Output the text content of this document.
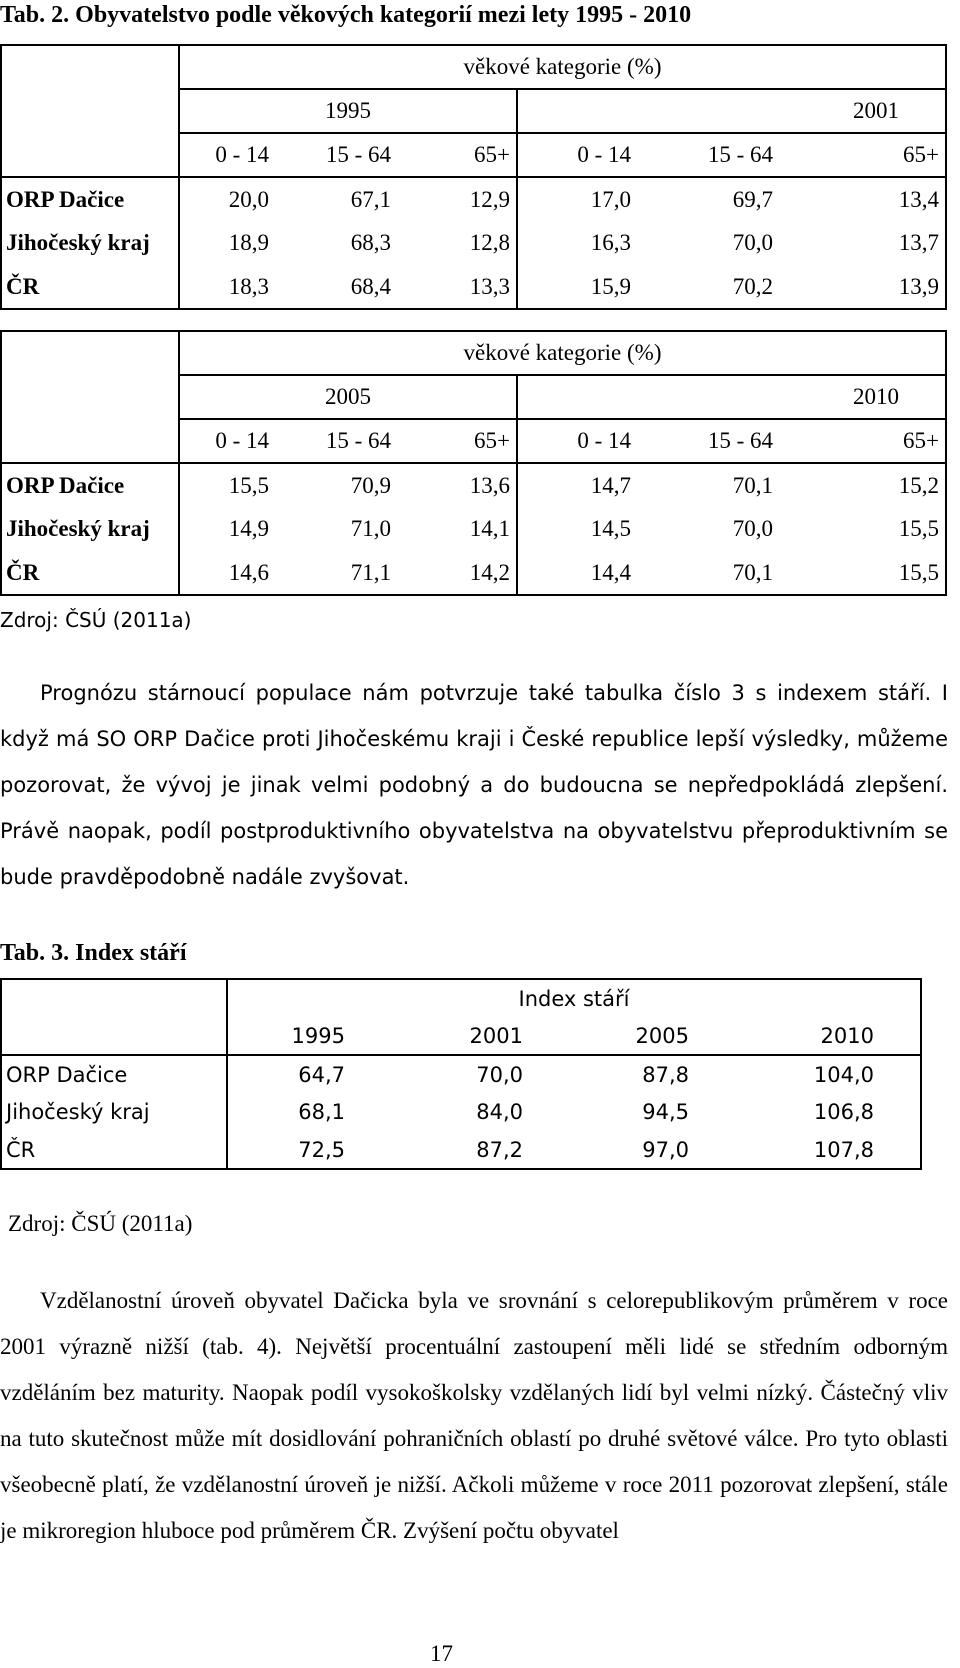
Tab. 2. Obyvatelstvo podle věkových kategorií mezi lety 1995 - 2010
	věkové kategorie (%)					
	1995			2001		
	0 - 14	15 - 64	65+	0 - 14	15 - 64	65+
ORP Dačice	20,0	67,1	12,9	17,0	69,7	13,4
Jihočeský kraj	18,9	68,3	12,8	16,3	70,0	13,7
ČR	18,3	68,4	13,3	15,9	70,2	13,9
	věkové kategorie (%)					
	2005			2010		
	0 - 14	15 - 64	65+	0 - 14	15 - 64	65+
ORP Dačice	15,5	70,9	13,6	14,7	70,1	15,2
Jihočeský kraj	14,9	71,0	14,1	14,5	70,0	15,5
ČR	14,6	71,1	14,2	14,4	70,1	15,5
Zdroj: ČSÚ (2011a)

Prognózu stárnoucí populace nám potvrzuje také tabulka číslo 3 s indexem stáří. I když má SO ORP Dačice proti Jihočeskému kraji i České republice lepší výsledky, můžeme pozorovat, že vývoj je jinak velmi podobný a do budoucna se nepředpokládá zlepšení. Právě naopak, podíl postproduktivního obyvatelstva na obyvatelstvu přeproduktivním se bude pravděpodobně nadále zvyšovat.

Tab. 3. Index stáří
	Index stáří			
	1995	2001	2005	2010
ORP Dačice	64,7	70,0	87,8	104,0
Jihočeský kraj	68,1	84,0	94,5	106,8
ČR	72,5	87,2	97,0	107,8
Zdroj: ČSÚ (2011a)

Vzdělanostní úroveň obyvatel Dačicka byla ve srovnání s celorepublikovým průměrem v roce 2001 výrazně nižší (tab. 4). Největší procentuální zastoupení měli lidé se středním odborným vzděláním bez maturity. Naopak podíl vysokoškolsky vzdělaných lidí byl velmi nízký. Částečný vliv na tuto skutečnost může mít dosidlování pohraničních oblastí po druhé světové válce. Pro tyto oblasti všeobecně platí, že vzdělanostní úroveň je nižší. Ačkoli můžeme v roce 2011 pozorovat zlepšení, stále je mikroregion hluboce pod průměrem ČR. Zvýšení počtu obyvatel

17
